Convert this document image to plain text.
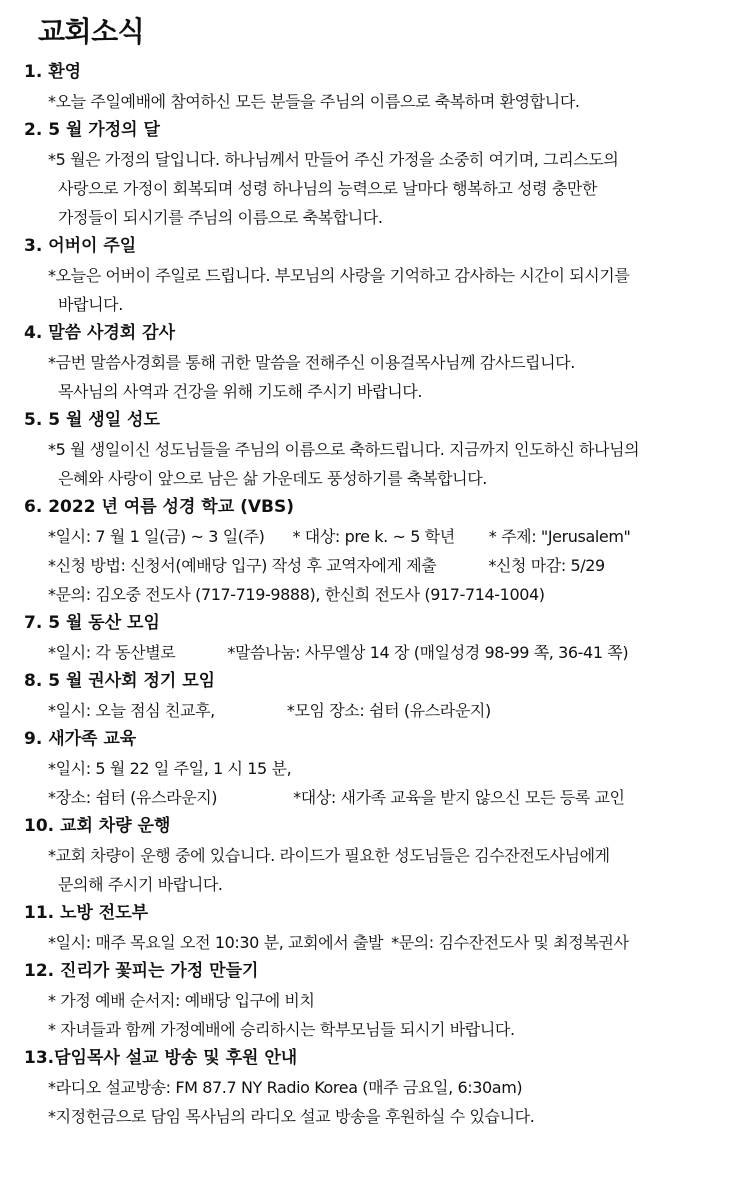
교회소식
1. 환영
*오늘 주일예배에 참여하신 모든 분들을 주님의 이름으로 축복하며 환영합니다.
2. 5 월 가정의 달
*5 월은 가정의 달입니다. 하나님께서 만들어 주신 가정을 소중히 여기며, 그리스도의
사랑으로 가정이 회복되며 성령 하나님의 능력으로 날마다 행복하고 성령 충만한
가정들이 되시기를 주님의 이름으로 축복합니다.
3. 어버이 주일
*오늘은 어버이 주일로 드립니다. 부모님의 사랑을 기억하고 감사하는 시간이 되시기를
바랍니다.
4. 말씀 사경회 감사
*금번 말씀사경회를 통해 귀한 말씀을 전해주신 이용걸목사님께 감사드립니다.
목사님의 사역과 건강을 위해 기도해 주시기 바랍니다.
5. 5 월 생일 성도
*5 월 생일이신 성도님들을 주님의 이름으로 축하드립니다. 지금까지 인도하신 하나님의
은혜와 사랑이 앞으로 남은 삶 가운데도 풍성하기를 축복합니다.
6. 2022 년 여름 성경 학교 (VBS)
*일시: 7 월 1 일(금) ~ 3 일(주) * 대상: pre k. ~ 5 학년 * 주제: "Jerusalem"
*신청 방법: 신청서(예배당 입구) 작성 후 교역자에게 제출	*신청 마감: 5/29
*문의: 김오중 전도사 (717-719-9888), 한신희 전도사 (917-714-1004)
7. 5 월 동산 모임
*일시: 각 동산별로	*말씀나눔: 사무엘상 14 장 (매일성경 98-99 쪽, 36-41 쪽)
8. 5 월 권사회 정기 모임
*일시: 오늘 점심 친교후,	*모임 장소: 쉼터 (유스라운지)
9. 새가족 교육
*일시: 5 월 22 일 주일, 1 시 15 분,
*장소: 쉼터 (유스라운지)	*대상: 새가족 교육을 받지 않으신 모든 등록 교인
10. 교회 차량 운행
*교회 차량이 운행 중에 있습니다. 라이드가 필요한 성도님들은 김수잔전도사님에게
문의해 주시기 바랍니다.
11. 노방 전도부
*일시: 매주 목요일 오전 10:30 분, 교회에서 출발 *문의: 김수잔전도사 및 최정복권사
12. 진리가 꽃피는 가정 만들기
* 가정 예배 순서지: 예배당 입구에 비치
* 자녀들과 함께 가정예배에 승리하시는 학부모님들 되시기 바랍니다.
13.담임목사 설교 방송 및 후원 안내
*라디오 설교방송: FM 87.7 NY Radio Korea (매주 금요일, 6:30am)
*지정헌금으로 담임 목사님의 라디오 설교 방송을 후원하실 수 있습니다.
